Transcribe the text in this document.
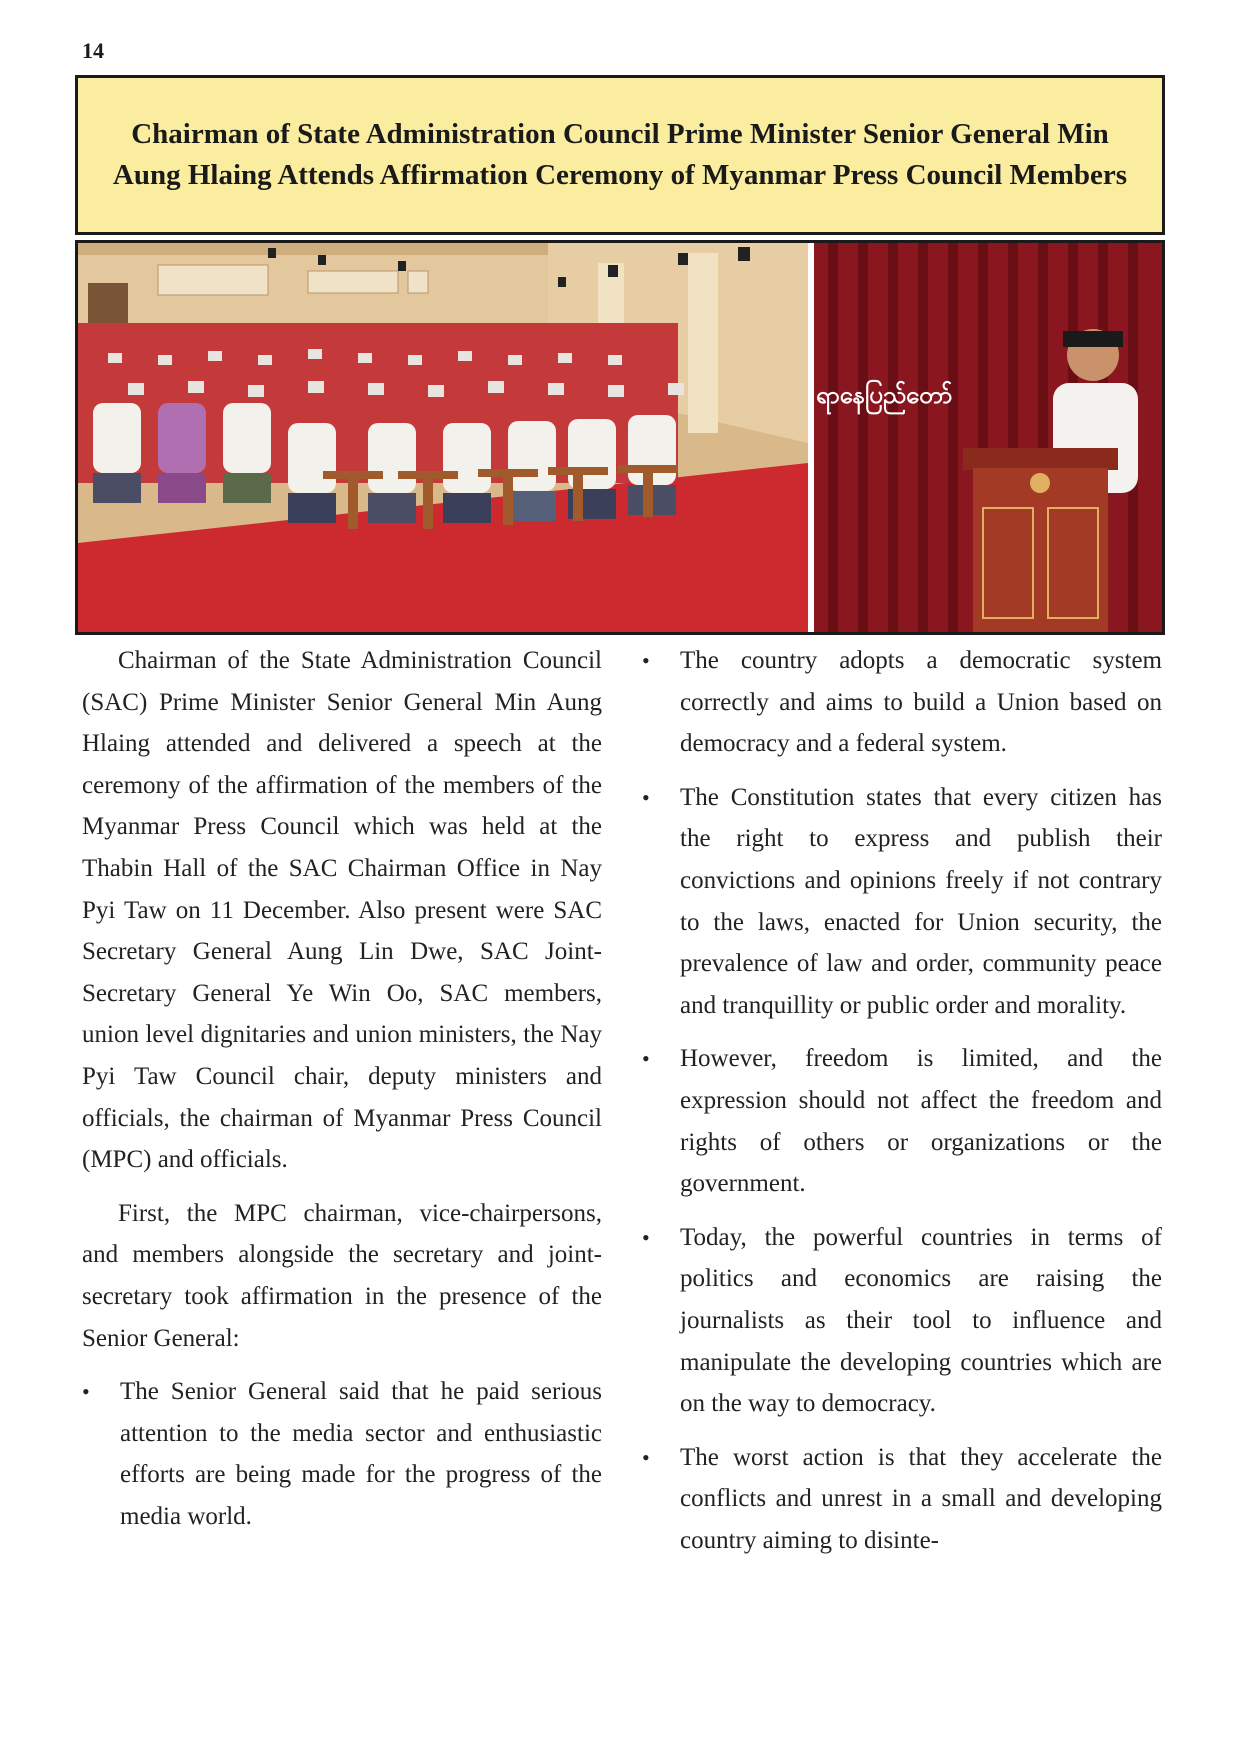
14
Chairman of State Administration Council Prime Minister Senior General Min Aung Hlaing Attends Affirmation Ceremony of Myanmar Press Council Members
ရာနေပြည်တော်

Chairman of the State Administration Council (SAC) Prime Minister Senior General Min Aung Hlaing attended and delivered a speech at the ceremony of the affirmation of the members of the Myanmar Press Council which was held at the Thabin Hall of the SAC Chairman Office in Nay Pyi Taw on 11 December. Also present were SAC Secretary General Aung Lin Dwe, SAC Joint-Secretary General Ye Win Oo, SAC members, union level dignitaries and union ministers, the Nay Pyi Taw Council chair, deputy ministers and officials, the chairman of Myanmar Press Council (MPC) and officials.

First, the MPC chairman, vice-chairpersons, and members alongside the secretary and joint-secretary took affirmation in the presence of the Senior General:

•	The Senior General said that he paid serious attention to the media sector and enthusiastic efforts are being made for the progress of the media world.
•	The country adopts a democratic system correctly and aims to build a Union based on democracy and a federal system.
•	The Constitution states that every citizen has the right to express and publish their convictions and opinions freely if not contrary to the laws, enacted for Union security, the prevalence of law and order, community peace and tranquillity or public order and morality.
•	However, freedom is limited, and the expression should not affect the freedom and rights of others or organizations or the government.
•	Today, the powerful countries in terms of politics and economics are raising the journalists as their tool to influence and manipulate the developing countries which are on the way to democracy.
•	The worst action is that they accelerate the conflicts and unrest in a small and developing country aiming to disinte-
